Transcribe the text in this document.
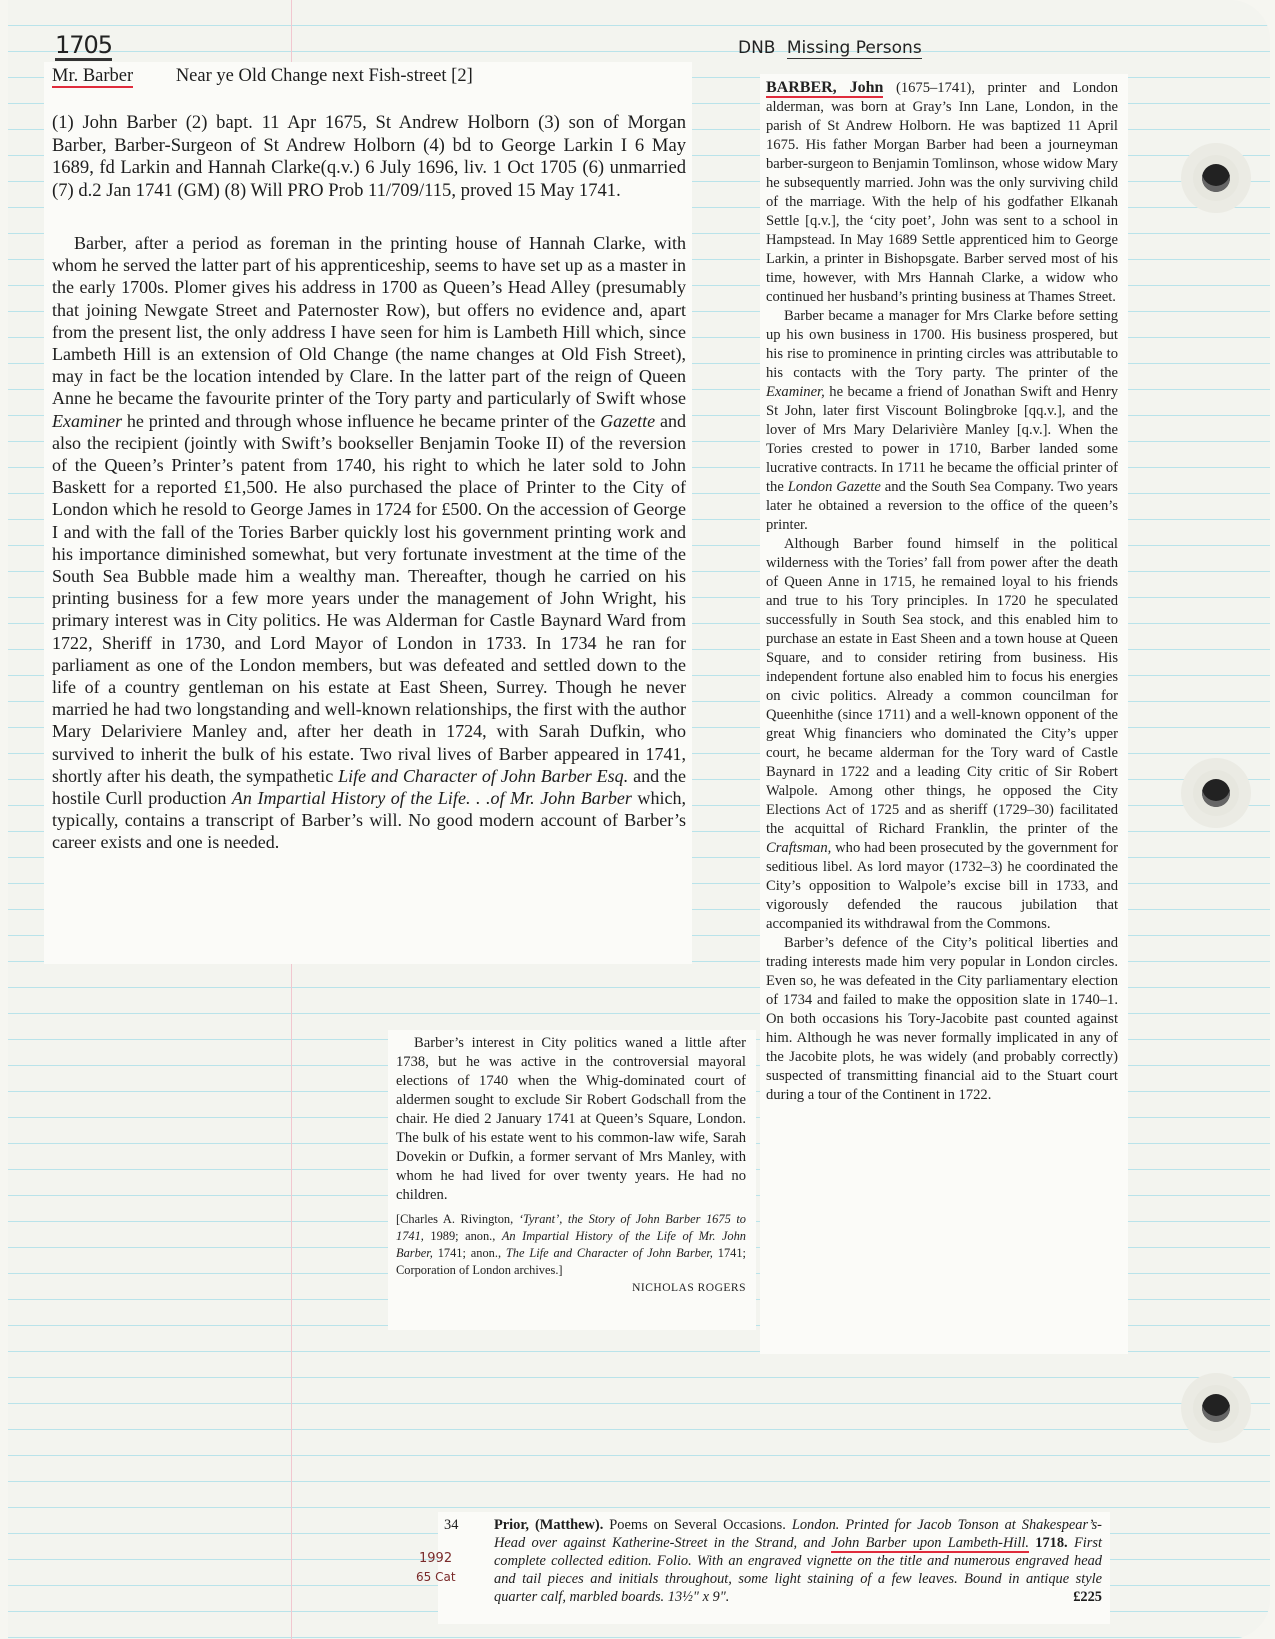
1705	DNB Missing Persons
Mr. Barber Near ye Old Change next Fish-street [2]

(1) John Barber (2) bapt. 11 Apr 1675, St Andrew Holborn (3) son of Morgan Barber, Barber-Surgeon of St Andrew Holborn (4) bd to George Larkin I 6 May 1689, fd Larkin and Hannah Clarke(q.v.) 6 July 1696, liv. 1 Oct 1705 (6) unmarried (7) d.2 Jan 1741 (GM) (8) Will PRO Prob 11/709/115, proved 15 May 1741.

Barber, after a period as foreman in the printing house of Hannah Clarke, with whom he served the latter part of his apprenticeship, seems to have set up as a master in the early 1700s. Plomer gives his address in 1700 as Queen’s Head Alley (presumably that joining Newgate Street and Paternoster Row), but offers no evidence and, apart from the present list, the only address I have seen for him is Lambeth Hill which, since Lambeth Hill is an extension of Old Change (the name changes at Old Fish Street), may in fact be the location intended by Clare. In the latter part of the reign of Queen Anne he became the favourite printer of the Tory party and particularly of Swift whose Examiner he printed and through whose influence he became printer of the Gazette and also the recipient (jointly with Swift’s bookseller Benjamin Tooke II) of the reversion of the Queen’s Printer’s patent from 1740, his right to which he later sold to John Baskett for a reported £1,500. He also purchased the place of Printer to the City of London which he resold to George James in 1724 for £500. On the accession of George I and with the fall of the Tories Barber quickly lost his government printing work and his importance diminished somewhat, but very fortunate investment at the time of the South Sea Bubble made him a wealthy man. Thereafter, though he carried on his printing business for a few more years under the management of John Wright, his primary interest was in City politics. He was Alderman for Castle Baynard Ward from 1722, Sheriff in 1730, and Lord Mayor of London in 1733. In 1734 he ran for parliament as one of the London members, but was defeated and settled down to the life of a country gentleman on his estate at East Sheen, Surrey. Though he never married he had two longstanding and well-known relationships, the first with the author Mary Delariviere Manley and, after her death in 1724, with Sarah Dufkin, who survived to inherit the bulk of his estate. Two rival lives of Barber appeared in 1741, shortly after his death, the sympathetic Life and Character of John Barber Esq. and the hostile Curll production An Impartial History of the Life. . .of Mr. John Barber which, typically, contains a transcript of Barber’s will. No good modern account of Barber’s career exists and one is needed.

BARBER, John (1675–1741), printer and London alderman, was born at Gray’s Inn Lane, London, in the parish of St Andrew Holborn. He was baptized 11 April 1675. His father Morgan Barber had been a journeyman barber-surgeon to Benjamin Tomlinson, whose widow Mary he subsequently married. John was the only surviving child of the marriage. With the help of his godfather Elkanah Settle [q.v.], the ‘city poet’, John was sent to a school in Hampstead. In May 1689 Settle apprenticed him to George Larkin, a printer in Bishopsgate. Barber served most of his time, however, with Mrs Hannah Clarke, a widow who continued her husband’s printing business at Thames Street.

Barber became a manager for Mrs Clarke before setting up his own business in 1700. His business prospered, but his rise to prominence in printing circles was attributable to his contacts with the Tory party. The printer of the Examiner, he became a friend of Jonathan Swift and Henry St John, later first Viscount Bolingbroke [qq.v.], and the lover of Mrs Mary Delarivière Manley [q.v.]. When the Tories crested to power in 1710, Barber landed some lucrative contracts. In 1711 he became the official printer of the London Gazette and the South Sea Company. Two years later he obtained a reversion to the office of the queen’s printer.

Although Barber found himself in the political wilderness with the Tories’ fall from power after the death of Queen Anne in 1715, he remained loyal to his friends and true to his Tory principles. In 1720 he speculated successfully in South Sea stock, and this enabled him to purchase an estate in East Sheen and a town house at Queen Square, and to consider retiring from business. His independent fortune also enabled him to focus his energies on civic politics. Already a common councilman for Queenhithe (since 1711) and a well-known opponent of the great Whig financiers who dominated the City’s upper court, he became alderman for the Tory ward of Castle Baynard in 1722 and a leading City critic of Sir Robert Walpole. Among other things, he opposed the City Elections Act of 1725 and as sheriff (1729–30) facilitated the acquittal of Richard Franklin, the printer of the Craftsman, who had been prosecuted by the government for seditious libel. As lord mayor (1732–3) he coordinated the City’s opposition to Walpole’s excise bill in 1733, and vigorously defended the raucous jubilation that accompanied its withdrawal from the Commons.

Barber’s defence of the City’s political liberties and trading interests made him very popular in London circles. Even so, he was defeated in the City parliamentary election of 1734 and failed to make the opposition slate in 1740–1. On both occasions his Tory-Jacobite past counted against him. Although he was never formally implicated in any of the Jacobite plots, he was widely (and probably correctly) suspected of transmitting financial aid to the Stuart court during a tour of the Continent in 1722.

Barber’s interest in City politics waned a little after 1738, but he was active in the controversial mayoral elections of 1740 when the Whig-dominated court of aldermen sought to exclude Sir Robert Godschall from the chair. He died 2 January 1741 at Queen’s Square, London. The bulk of his estate went to his common-law wife, Sarah Dovekin or Dufkin, a former servant of Mrs Manley, with whom he had lived for over twenty years. He had no children.

[Charles A. Rivington, ‘Tyrant’, the Story of John Barber 1675 to 1741, 1989; anon., An Impartial History of the Life of Mr. John Barber, 1741; anon., The Life and Character of John Barber, 1741; Corporation of London archives.]

NICHOLAS ROGERS

34 Prior, (Matthew). Poems on Several Occasions. London. Printed for Jacob Tonson at Shakespear’s-Head over against Katherine-Street in the Strand, and John Barber upon Lambeth-Hill. 1718. First complete collected edition. Folio. With an engraved vignette on the title and numerous engraved head and tail pieces and initials throughout, some light staining of a few leaves. Bound in antique style quarter calf, marbled boards. 13½" x 9".	£225
1992
65 Cat
